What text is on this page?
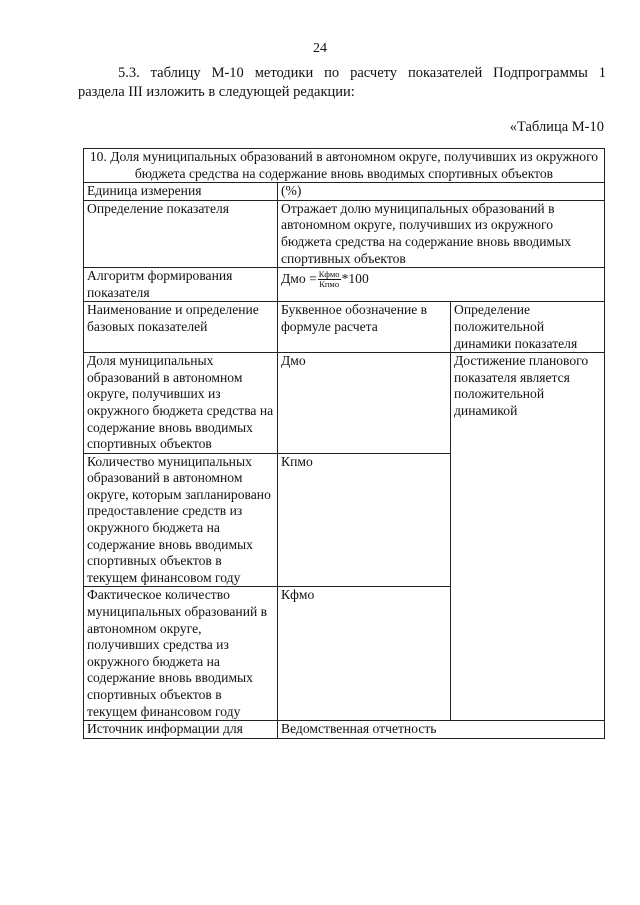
24

5.3. таблицу М-10 методики по расчету показателей Подпрограммы 1

раздела III изложить в следующей редакции:

«Таблица М-10
10. Доля муниципальных образований в автономном округе, получивших из окружного бюджета средства на содержание вновь вводимых спортивных объектов		
Единица измерения	(%)	
Определение показателя	Отражает долю муниципальных образований в автономном округе, получивших из окружного бюджета средства на содержание вновь вводимых спортивных объектов	
Алгоритм формирования показателя	Дмо = $\frac{\text{Кфмо}}{\text{Кпмо}} *100$	

Наименование и определение базовых показателей	Буквенное обозначение в формуле расчета	Определение положительной динамики показателя
Доля муниципальных образований в автономном округе, получивших из окружного бюджета средства на содержание вновь вводимых спортивных объектов	Дмо	Достижение планового показателя является положительной динамикой
Количество муниципальных образований в автономном округе, которым запланировано предоставление средств из окружного бюджета на содержание вновь вводимых спортивных объектов в текущем финансовом году	Кпмо	
Фактическое количество муниципальных образований в автономном округе, получивших средства из окружного бюджета на содержание вновь вводимых спортивных объектов в текущем финансовом году	Кфмо	
Источник информации для	Ведомственная отчетность	
